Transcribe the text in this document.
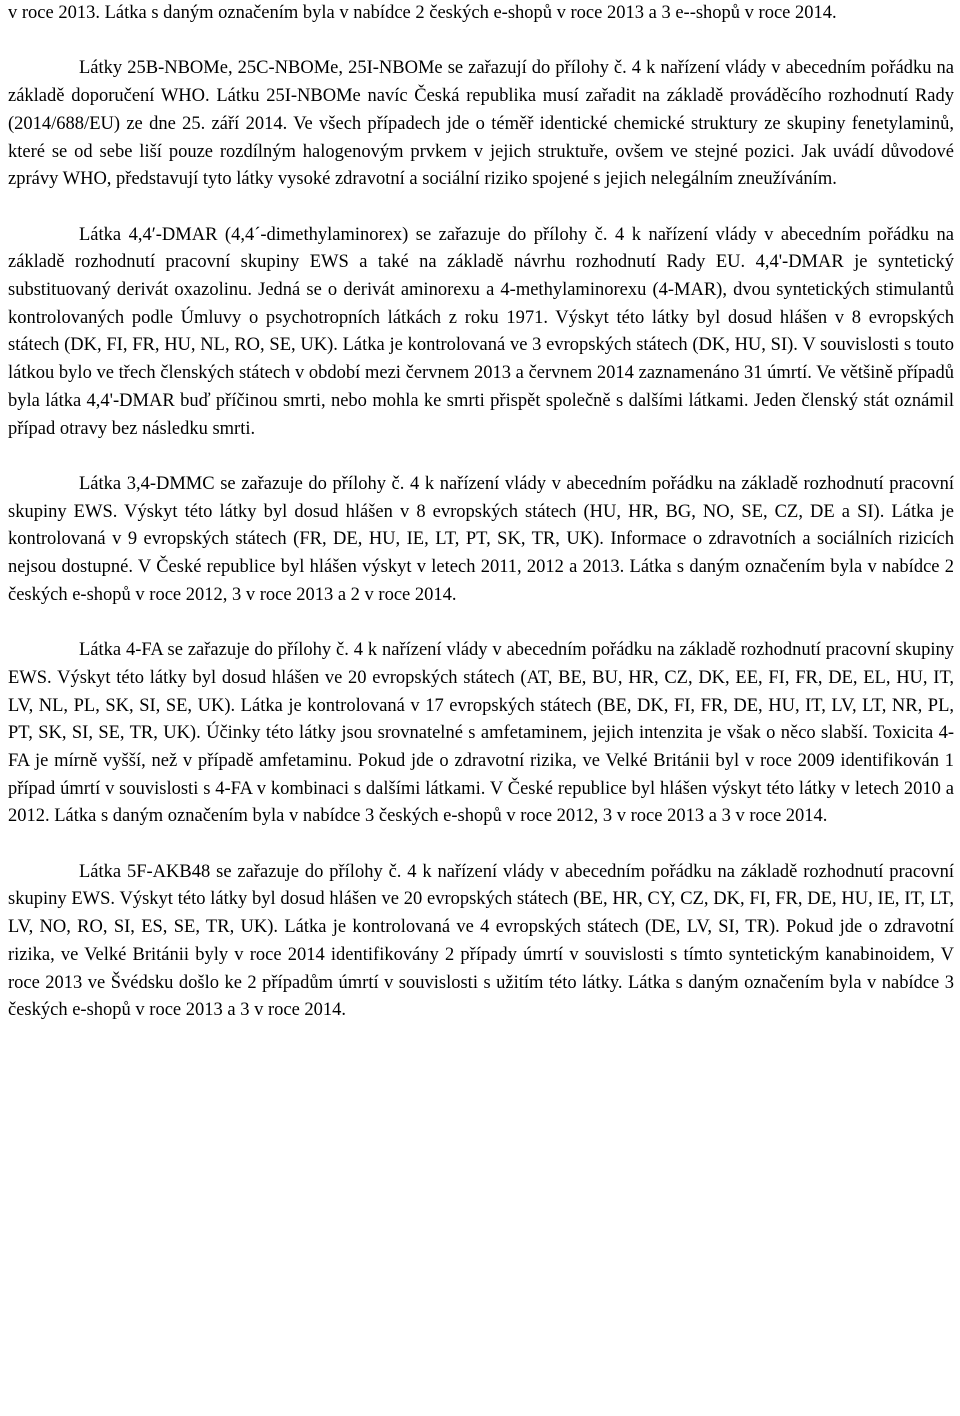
v roce 2013. Látka s daným označením byla v nabídce 2 českých e-shopů v roce 2013 a 3 e--shopů v roce 2014.

Látky 25B-NBOMe, 25C-NBOMe, 25I-NBOMe se zařazují do přílohy č. 4 k nařízení vlády v abecedním pořádku na základě doporučení WHO. Látku 25I-NBOMe navíc Česká republika musí zařadit na základě prováděcího rozhodnutí Rady (2014/688/EU) ze dne 25. září 2014. Ve všech případech jde o téměř identické chemické struktury ze skupiny fenetylaminů, které se od sebe liší pouze rozdílným halogenovým prvkem v jejich struktuře, ovšem ve stejné pozici. Jak uvádí důvodové zprávy WHO, představují tyto látky vysoké zdravotní a sociální riziko spojené s jejich nelegálním zneužíváním.

Látka 4,4′-DMAR (4,4´-dimethylaminorex) se zařazuje do přílohy č. 4 k nařízení vlády v abecedním pořádku na základě rozhodnutí pracovní skupiny EWS a také na základě návrhu rozhodnutí Rady EU. 4,4'-DMAR je syntetický substituovaný derivát oxazolinu. Jedná se o derivát aminorexu a 4-methylaminorexu (4-MAR), dvou syntetických stimulantů kontrolovaných podle Úmluvy o psychotropních látkách z roku 1971. Výskyt této látky byl dosud hlášen v 8 evropských státech (DK, FI, FR, HU, NL, RO, SE, UK). Látka je kontrolovaná ve 3 evropských státech (DK, HU, SI). V souvislosti s touto látkou bylo ve třech členských státech v období mezi červnem 2013 a červnem 2014 zaznamenáno 31 úmrtí. Ve většině případů byla látka 4,4'-DMAR buď příčinou smrti, nebo mohla ke smrti přispět společně s dalšími látkami. Jeden členský stát oznámil případ otravy bez následku smrti.

Látka 3,4-DMMC se zařazuje do přílohy č. 4 k nařízení vlády v abecedním pořádku na základě rozhodnutí pracovní skupiny EWS. Výskyt této látky byl dosud hlášen v 8 evropských státech (HU, HR, BG, NO, SE, CZ, DE a SI). Látka je kontrolovaná v 9 evropských státech (FR, DE, HU, IE, LT, PT, SK, TR, UK). Informace o zdravotních a sociálních rizicích nejsou dostupné. V České republice byl hlášen výskyt v letech 2011, 2012 a 2013. Látka s daným označením byla v nabídce 2 českých e-shopů v roce 2012, 3 v roce 2013 a 2 v roce 2014.

Látka 4-FA se zařazuje do přílohy č. 4 k nařízení vlády v abecedním pořádku na základě rozhodnutí pracovní skupiny EWS. Výskyt této látky byl dosud hlášen ve 20 evropských státech (AT, BE, BU, HR, CZ, DK, EE, FI, FR, DE, EL, HU, IT, LV, NL, PL, SK, SI, SE, UK). Látka je kontrolovaná v 17 evropských státech (BE, DK, FI, FR, DE, HU, IT, LV, LT, NR, PL, PT, SK, SI, SE, TR, UK). Účinky této látky jsou srovnatelné s amfetaminem, jejich intenzita je však o něco slabší. Toxicita 4-FA je mírně vyšší, než v případě amfetaminu. Pokud jde o zdravotní rizika, ve Velké Británii byl v roce 2009 identifikován 1 případ úmrtí v souvislosti s 4-FA v kombinaci s dalšími látkami. V České republice byl hlášen výskyt této látky v letech 2010 a 2012. Látka s daným označením byla v nabídce 3 českých e-shopů v roce 2012, 3 v roce 2013 a 3 v roce 2014.

Látka 5F-AKB48 se zařazuje do přílohy č. 4 k nařízení vlády v abecedním pořádku na základě rozhodnutí pracovní skupiny EWS. Výskyt této látky byl dosud hlášen ve 20 evropských státech (BE, HR, CY, CZ, DK, FI, FR, DE, HU, IE, IT, LT, LV, NO, RO, SI, ES, SE, TR, UK). Látka je kontrolovaná ve 4 evropských státech (DE, LV, SI, TR). Pokud jde o zdravotní rizika, ve Velké Británii byly v roce 2014 identifikovány 2 případy úmrtí v souvislosti s tímto syntetickým kanabinoidem, V roce 2013 ve Švédsku došlo ke 2 případům úmrtí v souvislosti s užitím této látky. Látka s daným označením byla v nabídce 3 českých e-shopů v roce 2013 a 3 v roce 2014.
